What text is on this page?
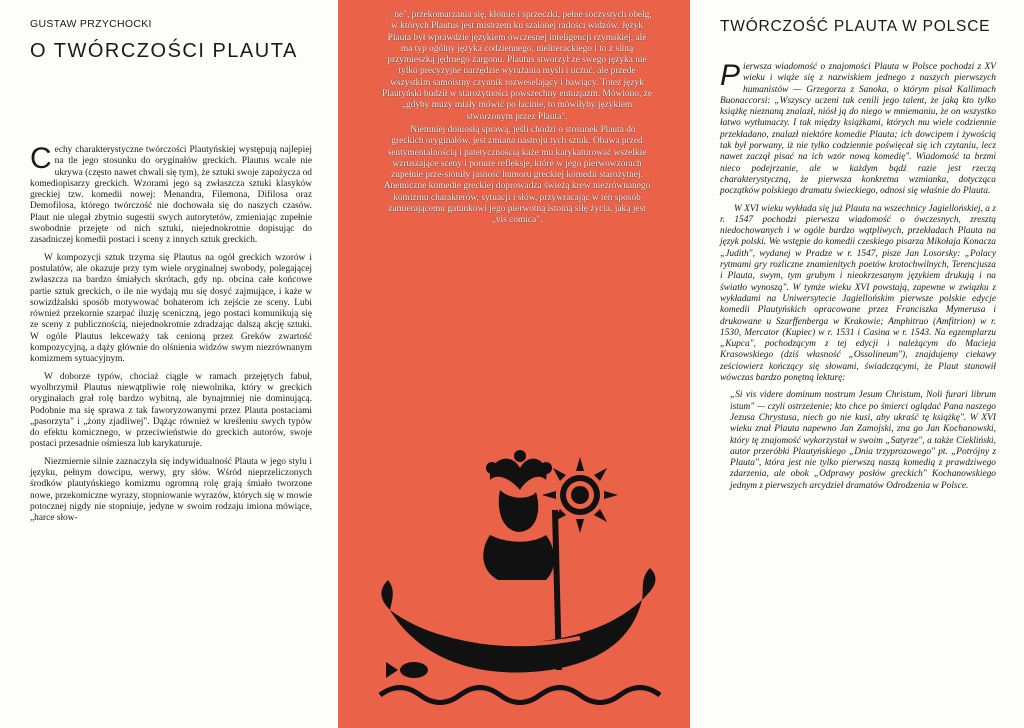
GUSTAW PRZYCHOCKI
O TWÓRCZOŚCI PLAUTA

Cechy charakterystyczne twórczości Plautyńskiej występują najlepiej na tle jego stosunku do oryginałów greckich. Plautus wcale nie ukrywa (często nawet chwali się tym), że sztuki swoje zapożycza od komediopisarzy greckich. Wzorami jego są zwłaszcza sztuki klasyków greckiej tzw. komedii nowej: Menandra, Filemona, Difilosa oraz Demofilosa, którego twórczość nie dochowała się do naszych czasów. Plaut nie ulegał zbytnio sugestii swych autorytetów, zmieniając zupełnie swobodnie przejęte od nich sztuki, niejednokrotnie dopisując do zasadniczej komedii postaci i sceny z innych sztuk greckich.

W kompozycji sztuk trzyma się Plautus na ogół greckich wzorów i postulatów, ale okazuje przy tym wiele oryginalnej swobody, polegającej zwłaszcza na bardzo śmiałych skrótach, gdy np. obcina całe końcowe partie sztuk greckich, o ile nie wydają mu się dosyć zajmujące, i każe w sowizdżalski sposób motywować bohaterom ich zejście ze sceny. Lubi również przekornie szarpać iluzję sceniczną, jego postaci komunikują się ze sceny z publicznością, niejednokrotnie zdradzając dalszą akcję sztuki. W ogóle Plautus lekceważy tak cenioną przez Greków zwartość kompozycyjną, a dąży głównie do olśnienia widzów swym niezrównanym komizmem sytuacyjnym.

W doborze typów, chociaż ciągle w ramach przejętych fabuł, wyolbrzymił Plautus niewątpliwie rolę niewolnika, który w greckich oryginałach grał rolę bardzo wybitną, ale bynajmniej nie dominującą. Podobnie ma się sprawa z tak faworyzowanymi przez Plauta postaciami „pasorzyta" i „żony zjadliwej". Dążąc również w kreśleniu swych typów do efektu komicznego, w przeciwieństwie do greckich autorów, swoje postaci przesadnie ośmiesza lub karykaturuje.

Niezmiernie silnie zaznaczyła się indywidualność Plauta w jego stylu i języku, pełnym dowcipu, werwy, gry słów. Wśród nieprzeliczonych środków plautyńskiego komizmu ogromną rolę grają śmiało tworzone nowe, przekomiczne wyrazy, stopniowanie wyrazów, których się w mowie potocznej nigdy nie stopniuje, jedyne w swoim rodzaju imiona mówiące, „harce słow-

ne", przekomarzania się, kłótnie i sprzeczki, pełne soczystych obelg, w których Plautus jest mistrzem ku szalonej radości widzów. Język Plauta był wprawdzie językiem ówczesnej inteligencji rzymskiej, ale ma typ ogólny języka codziennego, nieliterackiego i to z silną przymieszką jędrnego żargonu. Plautus stworzył ze swego języka nie tylko precyzyjne narzędzie wyrażania myśli i uczuć, ale przede wszystkim samoistny czynnik rozweselający i bawiący. Toteż język Plautyński budził w starożytności powszechny entuzjazm. Mówiono, że „gdyby muzy miały mówić po łacinie, to mówiłyby językiem stworzonym przez Plauta".

Niemniej doniosłą sprawą, jeśli chodzi o stosunek Plauta do greckich oryginałów, jest zmiana nastroju tych sztuk. Obawa przed sentymentalnością i patetycznością każe mu karykaturować wszelkie wzruszające sceny i ponure refleksje, które w jego pierwowzorach zupełnie prze-sioniły jasność humoru greckiej komedii starożytnej. Anemiczne komedie greckiej doprowadza świeżą krew niezrównanego komizmu charakterów, sytuacji i słów, przywracając w ten sposób zamierającemu gatunkowi jego pierwotną istotną siłę życia, jaką jest „vis comica".

TWÓRCZOŚĆ PLAUTA W POLSCE

Pierwsza wiadomość o znajomości Plauta w Polsce pochodzi z XV wieku i wiąże się z nazwiskiem jednego z naszych pierwszych humanistów — Grzegorza z Sanoka, o którym pisał Kallimach Buonaccorsi: „Wszyscy uczeni tak cenili jego talent, że jaką kto tylko książkę nieznaną znalazł, niósł ją do niego w mniemaniu, że on wszystko łatwo wytłumaczy. I tak między książkami, których mu wiele codziennie przekładano, znalazł niektóre komedie Plauta; ich dowcipem i żywością tak był porwany, iż nie tylko codziennie poświęcał się ich czytaniu, lecz nawet zaczął pisać na ich wzór nową komedię". Wiadomość ta brzmi nieco podejrzanie, ale w każdym bądź razie jest rzeczą charakterystyczną, że pierwsza konkretna wzmianka, dotycząca początków polskiego dramatu świeckiego, odnosi się właśnie do Plauta.

W XVI wieku wykłada się już Plauta na wszechnicy Jagiellońskiej, a z r. 1547 pochodzi pierwsza wiadomość o ówczesnych, zresztą niedochowanych i w ogóle bardzo wątpliwych, przekładach Plauta na język polski. We wstępie do komedii czeskiego pisarza Mikołaja Konacza „Judith", wydanej w Pradze w r. 1547, pisze Jan Losorsky: „Polacy rytmami gry rozliczne znamienitych poetów krotochwilnych, Terencjusza i Plauta, swym, tym grubym i nieokrzesanym językiem drukują i na światło wynoszą". W tymże wieku XVI powstają, zapewne w związku z wykładami na Uniwersytecie Jagiellońskim pierwsze polskie edycje komedii Plautyńskich opracowane przez Franciszka Mymerusa i drukowane u Szarffenberga w Krakowie; Amphitruo (Amfitrion) w r. 1530, Mercator (Kupiec) w r. 1531 i Casina w r. 1543. Na egzemplarzu „Kupca", pochodzącym z tej edycji i należącym do Macieja Krasowskiego (dziś własność „Ossolineum"), znajdujemy ciekawy ześciowierz kończący się słowami, świadczącymi, że Plaut stanowił wówczas bardzo ponętną lekturę:

„Si vis videre dominum nostrum Jesum Christum, Noli furari librum istum" — czyli ostrzeżenie; kto chce po śmierci oglądać Pana naszego Jezusa Chrystusa, niech go nie kusi, aby ukraść tę książkę". W XVI wieku znał Plauta napewno Jan Zamojski, zna go Jan Kochanowski, który tę znajomość wykorzystał w swoim „Satyrze", a także Ciekliński, autor przeróbki Plautyńskiego „Dnia trzyprozowego" pt. „Potrójny z Plauta", która jest nie tylko pierwszą naszą komedią z prawdziwego zdarzenia, ale obok „Odprawy posłów greckich" Kochanowskiego jednym z pierwszych arcydzieł dramatów Odrodzenia w Polsce.
